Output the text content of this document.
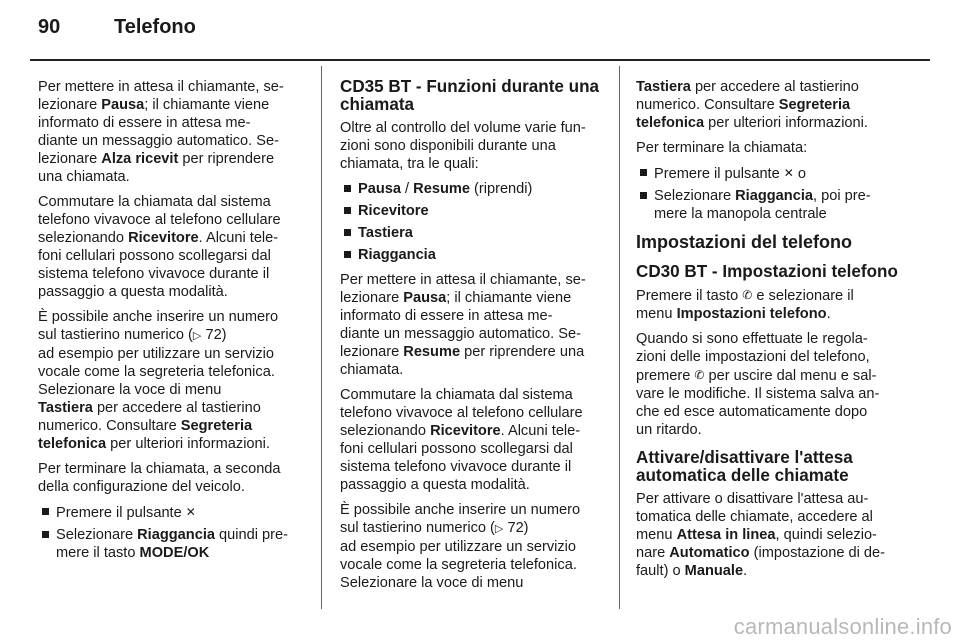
90	Telefono

Per mettere in attesa il chiamante, se-
lezionare Pausa; il chiamante viene
informato di essere in attesa me-
diante un messaggio automatico. Se-
lezionare Alza ricevit per riprendere
una chiamata.

Commutare la chiamata dal sistema
telefono vivavoce al telefono cellulare
selezionando Ricevitore. Alcuni tele-
foni cellulari possono scollegarsi dal
sistema telefono vivavoce durante il
passaggio a questa modalità.

È possibile anche inserire un numero
sul tastierino numerico (▷ 72)
ad esempio per utilizzare un servizio
vocale come la segreteria telefonica.
Selezionare la voce di menu
Tastiera per accedere al tastierino
numerico. Consultare Segreteria
telefonica per ulteriori informazioni.

Per terminare la chiamata, a seconda
della configurazione del veicolo.

Premere il pulsante ✕
Selezionare Riaggancia quindi pre-
mere il tasto MODE/OK
CD35 BT - Funzioni durante una
chiamata

Oltre al controllo del volume varie fun-
zioni sono disponibili durante una
chiamata, tra le quali:

Pausa / Resume (riprendi)
Ricevitore
Tastiera
Riaggancia

Per mettere in attesa il chiamante, se-
lezionare Pausa; il chiamante viene
informato di essere in attesa me-
diante un messaggio automatico. Se-
lezionare Resume per riprendere una
chiamata.

Commutare la chiamata dal sistema
telefono vivavoce al telefono cellulare
selezionando Ricevitore. Alcuni tele-
foni cellulari possono scollegarsi dal
sistema telefono vivavoce durante il
passaggio a questa modalità.

È possibile anche inserire un numero
sul tastierino numerico (▷ 72)
ad esempio per utilizzare un servizio
vocale come la segreteria telefonica.
Selezionare la voce di menu

Tastiera per accedere al tastierino
numerico. Consultare Segreteria
telefonica per ulteriori informazioni.

Per terminare la chiamata:

Premere il pulsante ✕ o
Selezionare Riaggancia, poi pre-
mere la manopola centrale
Impostazioni del telefono
CD30 BT - Impostazioni telefono

Premere il tasto ✆ e selezionare il
menu Impostazioni telefono.

Quando si sono effettuate le regola-
zioni delle impostazioni del telefono,
premere ✆ per uscire dal menu e sal-
vare le modifiche. Il sistema salva an-
che ed esce automaticamente dopo
un ritardo.

Attivare/disattivare l'attesa
automatica delle chiamate

Per attivare o disattivare l'attesa au-
tomatica delle chiamate, accedere al
menu Attesa in linea, quindi selezio-
nare Automatico (impostazione di de-
fault) o Manuale.

carmanualsonline.info
